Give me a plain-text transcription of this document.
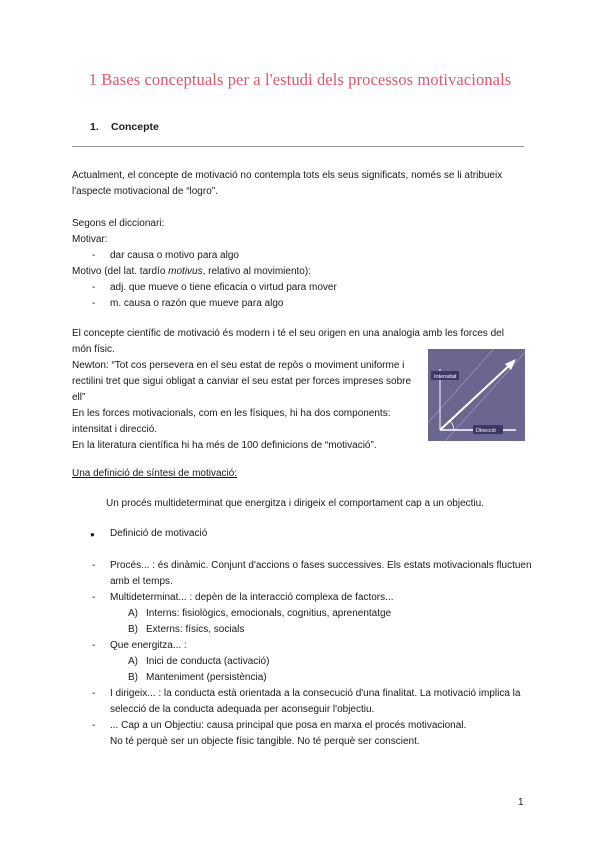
1 Bases conceptuals per a l'estudi dels processos motivacionals
1. Concepte
Actualment, el concepte de motivació no contempla tots els seus significats, només se li atribueix
l'aspecte motivacional de “logro”.
Segons el diccionari:
Motivar:
- dar causa o motivo para algo
Motivo (del lat. tardío motivus, relativo al movimiento):
- adj. que mueve o tiene eficacia o virtud para mover
- m. causa o razón que mueve para algo
El concepte científic de motivació és modern i té el seu origen en una analogia amb les forces del
món físic.
Newton: “Tot cos persevera en el seu estat de repòs o moviment uniforme i
rectilini tret que sigui obligat a canviar el seu estat per forces impreses sobre
ell”
En les forces motivacionals, com en les físiques, hi ha dos components:
intensitat i direcció.
En la literatura científica hi ha més de 100 definicions de “motivació”.
Intensitat
Direcció
Una definició de síntesi de motivació:
Un procés multideterminat que energitza i dirigeix el comportament cap a un objectiu.
● Definició de motivació
- Procés... : és dinàmic. Conjunt d'accions o fases successives. Els estats motivacionals fluctuen
amb el temps.
- Multideterminat... : depèn de la interacció complexa de factors...
A) Interns: fisiològics, emocionals, cognitius, aprenentatge
B) Externs: físics, socials
- Que energitza... :
A) Inici de conducta (activació)
B) Manteniment (persistència)
- I dirigeix... : la conducta està orientada a la consecució d'una finalitat. La motivació implica la
selecció de la conducta adequada per aconseguir l'objectiu.
- ... Cap a un Objectiu: causa principal que posa en marxa el procés motivacional.
No té perquè ser un objecte físic tangible. No té perquè ser conscient.
1
